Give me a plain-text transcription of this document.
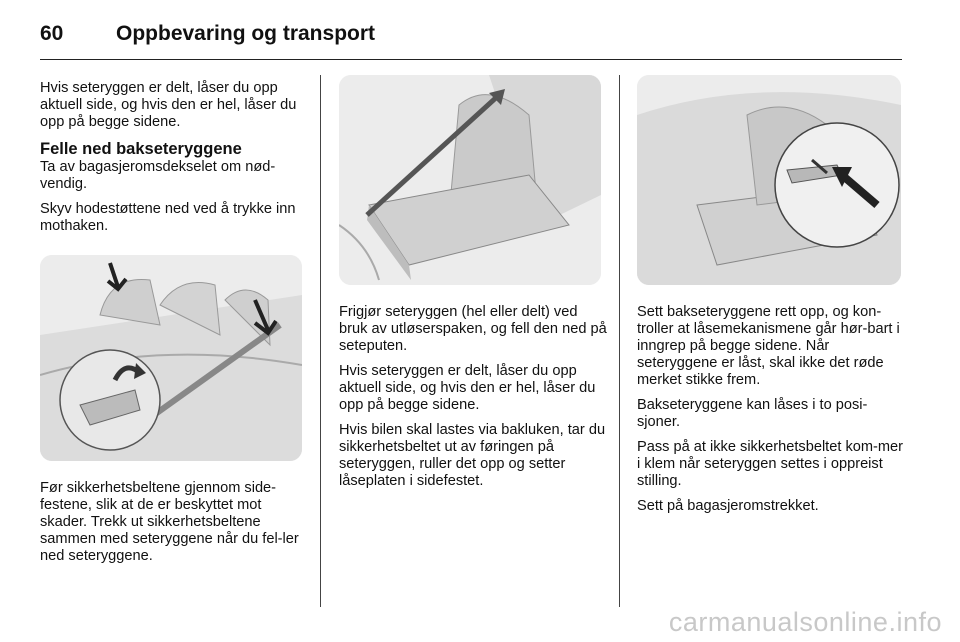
60	Oppbevaring og transport

Hvis seteryggen er delt, låser du opp aktuell side, og hvis den er hel, låser du opp på begge sidene.

Felle ned bakseteryggene

Ta av bagasjeromsdekselet om nød-vendig.

Skyv hodestøttene ned ved å trykke inn mothaken.

Før sikkerhetsbeltene gjennom side-festene, slik at de er beskyttet mot skader. Trekk ut sikkerhetsbeltene sammen med seteryggene når du fel-ler ned seteryggene.

Frigjør seteryggen (hel eller delt) ved bruk av utløserspaken, og fell den ned på seteputen.

Hvis seteryggen er delt, låser du opp aktuell side, og hvis den er hel, låser du opp på begge sidene.

Hvis bilen skal lastes via bakluken, tar du sikkerhetsbeltet ut av føringen på seteryggen, ruller det opp og setter låseplaten i sidefestet.

Sett bakseteryggene rett opp, og kon-troller at låsemekanismene går hør-bart i inngrep på begge sidene. Når seteryggene er låst, skal ikke det røde merket stikke frem.

Bakseteryggene kan låses i to posi-sjoner.

Pass på at ikke sikkerhetsbeltet kom-mer i klem når seteryggen settes i oppreist stilling.

Sett på bagasjeromstrekket.

carmanualsonline.info
